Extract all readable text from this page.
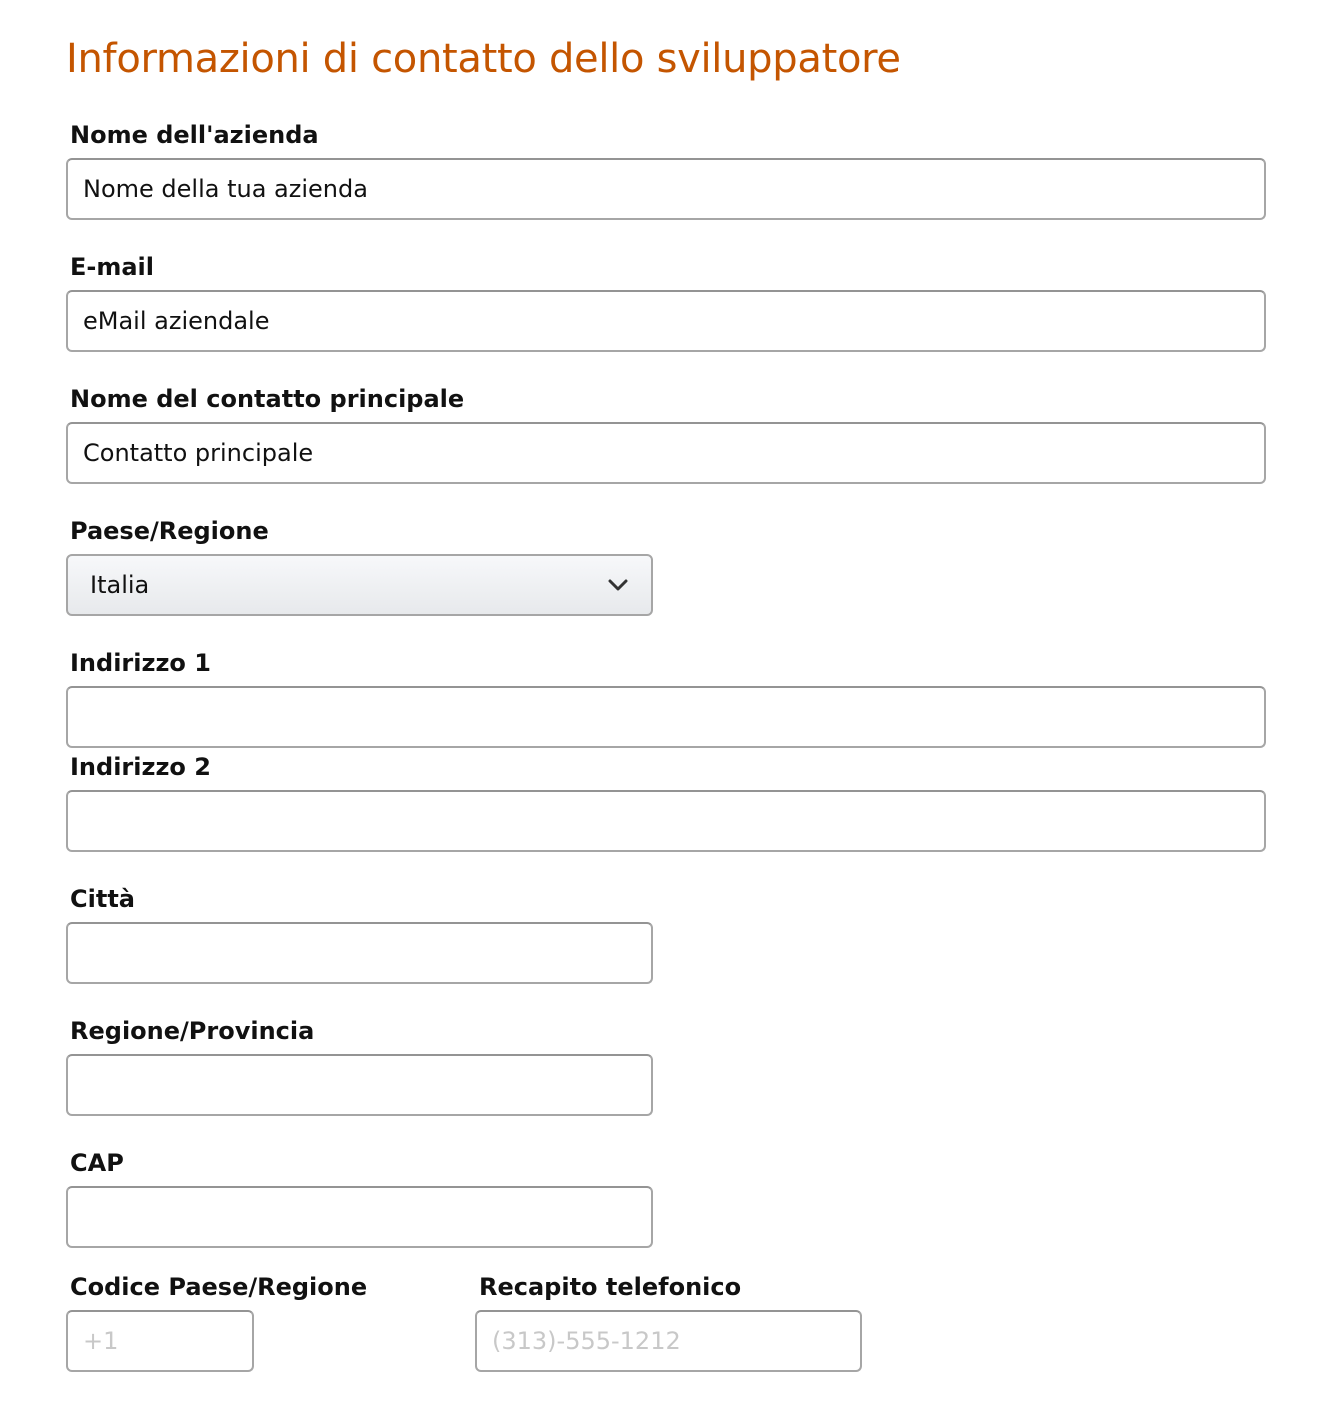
Informazioni di contatto dello sviluppatore
Nome dell'azienda
Nome della tua azienda
E-mail
eMail aziendale
Nome del contatto principale
Contatto principale
Paese/Regione
Italia
Indirizzo 1
Indirizzo 2
Città
Regione/Provincia
CAP
Codice Paese/Regione
+1	Recapito telefonico
(313)-555-1212
